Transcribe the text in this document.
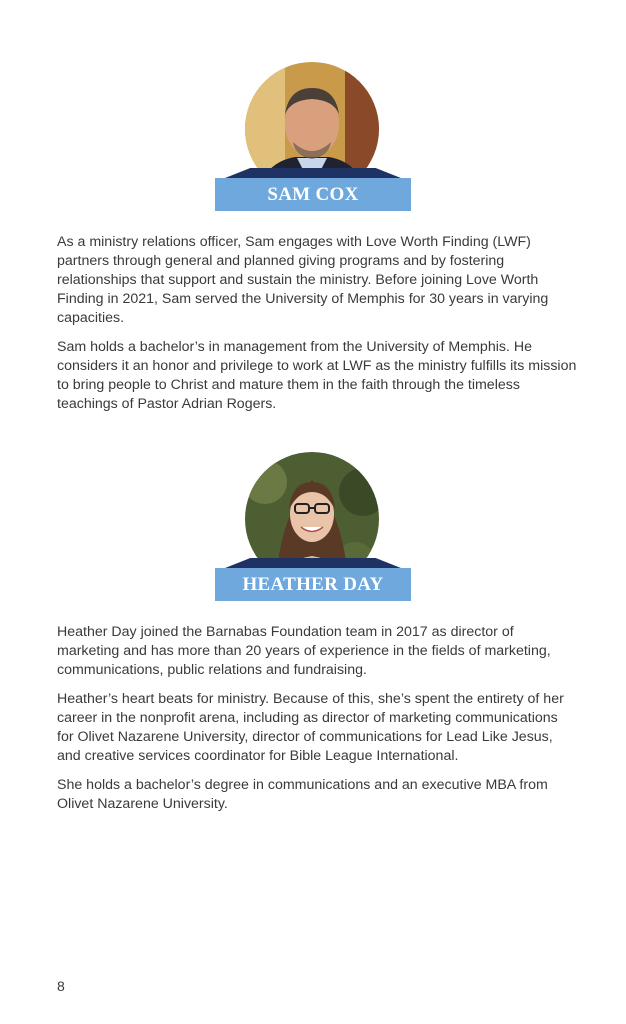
SAM COX

As a ministry relations officer, Sam engages with Love Worth Finding (LWF) partners through general and planned giving programs and by fostering relationships that support and sustain the ministry. Before joining Love Worth Finding in 2021, Sam served the University of Memphis for 30 years in varying capacities.

Sam holds a bachelor’s in management from the University of Memphis. He considers it an honor and privilege to work at LWF as the ministry fulfills its mission to bring people to Christ and mature them in the faith through the timeless teachings of Pastor Adrian Rogers.

HEATHER DAY

Heather Day joined the Barnabas Foundation team in 2017 as director of marketing and has more than 20 years of experience in the fields of marketing, communications, public relations and fundraising.

Heather’s heart beats for ministry. Because of this, she’s spent the entirety of her career in the nonprofit arena, including as director of marketing communications for Olivet Nazarene University, director of communications for Lead Like Jesus, and creative services coordinator for Bible League International.

She holds a bachelor’s degree in communications and an executive MBA from Olivet Nazarene University.

8
